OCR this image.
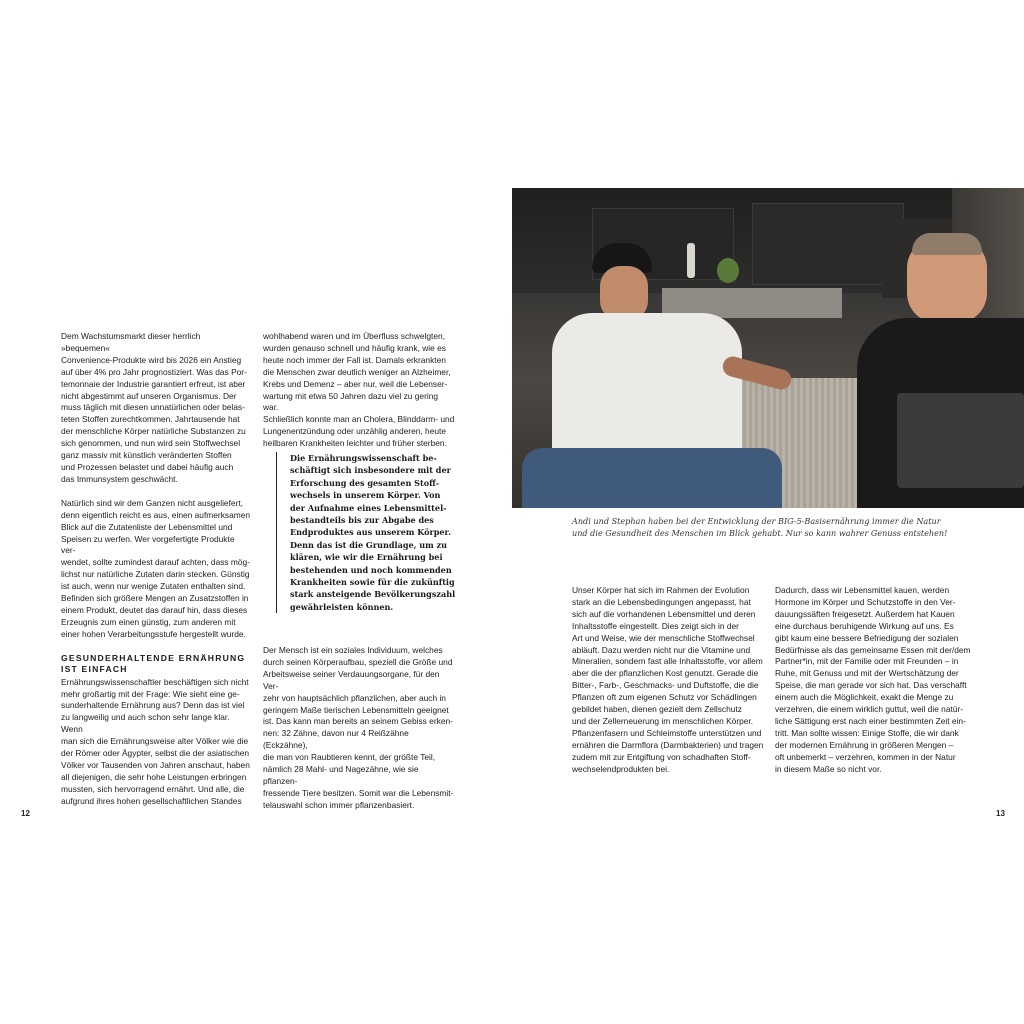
Dem Wachstumsmarkt dieser herrlich »bequemen«
Convenience-Produkte wird bis 2026 ein Anstieg
auf über 4% pro Jahr prognostiziert. Was das Por-
temonnaie der Industrie garantiert erfreut, ist aber
nicht abgestimmt auf unseren Organismus. Der
muss täglich mit diesen unnatürlichen oder belas-
teten Stoffen zurechtkommen. Jahrtausende hat
der menschliche Körper natürliche Substanzen zu
sich genommen, und nun wird sein Stoffwechsel
ganz massiv mit künstlich veränderten Stoffen
und Prozessen belastet und dabei häufig auch
das Immunsystem geschwächt.

Natürlich sind wir dem Ganzen nicht ausgeliefert,
denn eigentlich reicht es aus, einen aufmerksamen
Blick auf die Zutatenliste der Lebensmittel und
Speisen zu werfen. Wer vorgefertigte Produkte ver-
wendet, sollte zumindest darauf achten, dass mög-
lichst nur natürliche Zutaten darin stecken. Günstig
ist auch, wenn nur wenige Zutaten enthalten sind.
Befinden sich größere Mengen an Zusatzstoffen in
einem Produkt, deutet das darauf hin, dass dieses
Erzeugnis zum einen günstig, zum anderen mit
einer hohen Verarbeitungsstufe hergestellt wurde.

GESUNDERHALTENDE ERNÄHRUNG
IST EINFACH

Ernährungswissenschaftler beschäftigen sich nicht
mehr großartig mit der Frage: Wie sieht eine ge-
sunderhaltende Ernährung aus? Denn das ist viel
zu langweilig und auch schon sehr lange klar. Wenn
man sich die Ernährungsweise alter Völker wie die
der Römer oder Ägypter, selbst die der asiatischen
Völker vor Tausenden von Jahren anschaut, haben
all diejenigen, die sehr hohe Leistungen erbringen
mussten, sich hervorragend ernährt. Und alle, die
aufgrund ihres hohen gesellschaftlichen Standes

wohlhabend waren und im Überfluss schwelgten,
wurden genauso schnell und häufig krank, wie es
heute noch immer der Fall ist. Damals erkrankten
die Menschen zwar deutlich weniger an Alzheimer,
Krebs und Demenz – aber nur, weil die Lebenser-
wartung mit etwa 50 Jahren dazu viel zu gering war.
Schließlich konnte man an Cholera, Blinddarm- und
Lungenentzündung oder unzählig anderen, heute
heilbaren Krankheiten leichter und früher sterben.

Die Ernährungswissenschaft be-
schäftigt sich insbesondere mit der
Erforschung des gesamten Stoff-
wechsels in unserem Körper. Von
der Aufnahme eines Lebensmittel-
bestandteils bis zur Abgabe des
Endproduktes aus unserem Körper.
Denn das ist die Grundlage, um zu
klären, wie wir die Ernährung bei
bestehenden und noch kommenden
Krankheiten sowie für die zukünftig
stark ansteigende Bevölkerungszahl
gewährleisten können.

Der Mensch ist ein soziales Individuum, welches
durch seinen Körperaufbau, speziell die Größe und
Arbeitsweise seiner Verdauungsorgane, für den Ver-
zehr von hauptsächlich pflanzlichen, aber auch in
geringem Maße tierischen Lebensmitteln geeignet
ist. Das kann man bereits an seinem Gebiss erken-
nen: 32 Zähne, davon nur 4 Reißzähne (Eckzähne),
die man von Raubtieren kennt, der größte Teil,
nämlich 28 Mahl- und Nagezähne, wie sie pflanzen-
fressende Tiere besitzen. Somit war die Lebensmit-
telauswahl schon immer pflanzenbasiert.

12
Andi und Stephan haben bei der Entwicklung der BIG-5-Basisernährung immer die Natur
und die Gesundheit des Menschen im Blick gehabt. Nur so kann wahrer Genuss entstehen!

Unser Körper hat sich im Rahmen der Evolution
stark an die Lebensbedingungen angepasst, hat
sich auf die vorhandenen Lebensmittel und deren
Inhaltsstoffe eingestellt. Dies zeigt sich in der
Art und Weise, wie der menschliche Stoffwechsel
abläuft. Dazu werden nicht nur die Vitamine und
Mineralien, sondern fast alle Inhaltsstoffe, vor allem
aber die der pflanzlichen Kost genutzt. Gerade die
Bitter-, Farb-, Geschmacks- und Duftstoffe, die die
Pflanzen oft zum eigenen Schutz vor Schädlingen
gebildet haben, dienen gezielt dem Zellschutz
und der Zellerneuerung im menschlichen Körper.
Pflanzenfasern und Schleimstoffe unterstützen und
ernähren die Darmflora (Darmbakterien) und tragen
zudem mit zur Entgiftung von schadhaften Stoff-
wechselendprodukten bei.

Dadurch, dass wir Lebensmittel kauen, werden
Hormone im Körper und Schutzstoffe in den Ver-
dauungssäften freigesetzt. Außerdem hat Kauen
eine durchaus beruhigende Wirkung auf uns. Es
gibt kaum eine bessere Befriedigung der sozialen
Bedürfnisse als das gemeinsame Essen mit der/dem
Partner*in, mit der Familie oder mit Freunden – in
Ruhe, mit Genuss und mit der Wertschätzung der
Speise, die man gerade vor sich hat. Das verschafft
einem auch die Möglichkeit, exakt die Menge zu
verzehren, die einem wirklich guttut, weil die natür-
liche Sättigung erst nach einer bestimmten Zeit ein-
tritt. Man sollte wissen: Einige Stoffe, die wir dank
der modernen Ernährung in größeren Mengen –
oft unbemerkt – verzehren, kommen in der Natur
in diesem Maße so nicht vor.

13
